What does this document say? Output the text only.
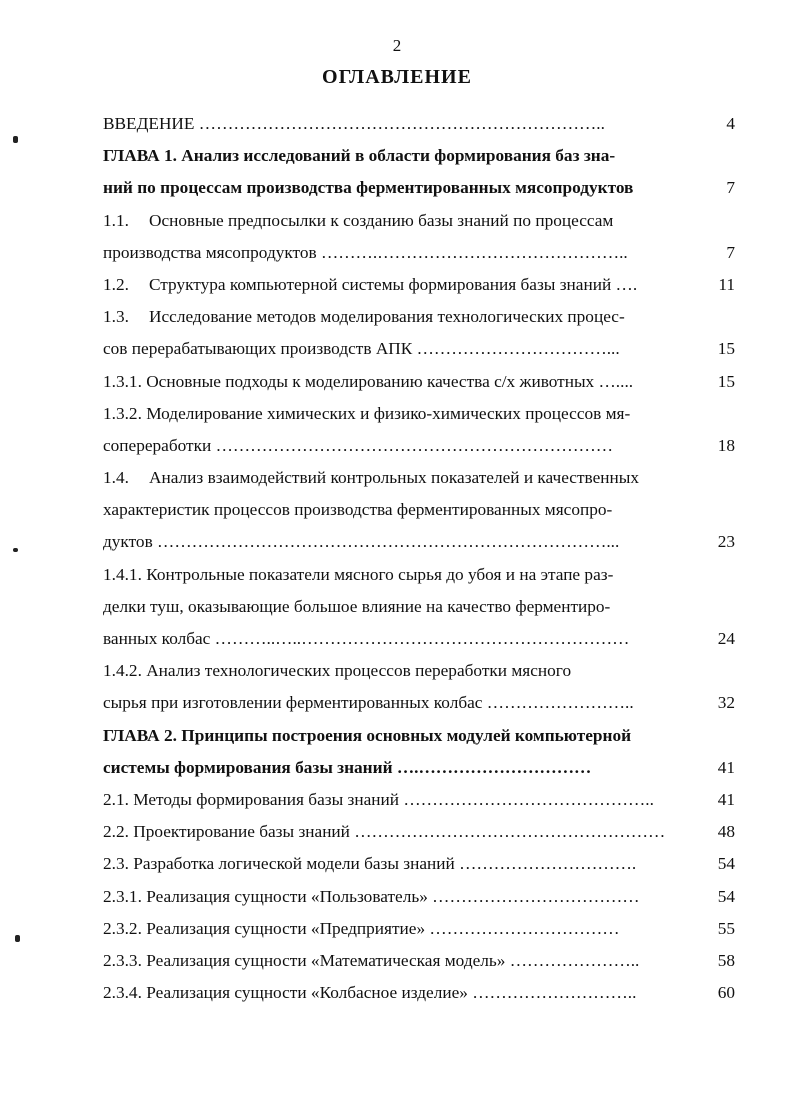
2
ОГЛАВЛЕНИЕ
ВВЕДЕНИЕ ……………………………………………………………..	4
ГЛАВА 1. Анализ исследований в области формирования баз зна-
ний по процессам производства ферментированных мясопродуктов	7
1.1. Основные предпосылки к созданию базы знаний по процессам
производства мясопродуктов ……….……………………………………..	7
1.2. Структура компьютерной системы формирования базы знаний ….	11
1.3. Исследование методов моделирования технологических процес-
сов перерабатывающих производств АПК ……………………………...	15
1.3.1. Основные подходы к моделированию качества с/х животных …....	15
1.3.2. Моделирование химических и физико-химических процессов мя-
сопереработки ……………………………………………………………	18
1.4. Анализ взаимодействий контрольных показателей и качественных
характеристик процессов производства ферментированных мясопро-
дуктов ……………………………………………………………………...	23
1.4.1. Контрольные показатели мясного сырья до убоя и на этапе раз-
делки туш, оказывающие большое влияние на качество ферментиро-
ванных колбас ………..…..…………………………………………………	24
1.4.2. Анализ технологических процессов переработки мясного
сырья при изготовлении ферментированных колбас ……………………..	32
ГЛАВА 2. Принципы построения основных модулей компьютерной
системы формирования базы знаний ….…………………………	41
2.1. Методы формирования базы знаний ……………………………………..	41
2.2. Проектирование базы знаний ………………………………………………	48
2.3. Разработка логической модели базы знаний ………………………….	54
2.3.1. Реализация сущности «Пользователь» ………………………………	54
2.3.2. Реализация сущности «Предприятие» ……………………………	55
2.3.3. Реализация сущности «Математическая модель» …………………..	58
2.3.4. Реализация сущности «Колбасное изделие» ………………………..	60
